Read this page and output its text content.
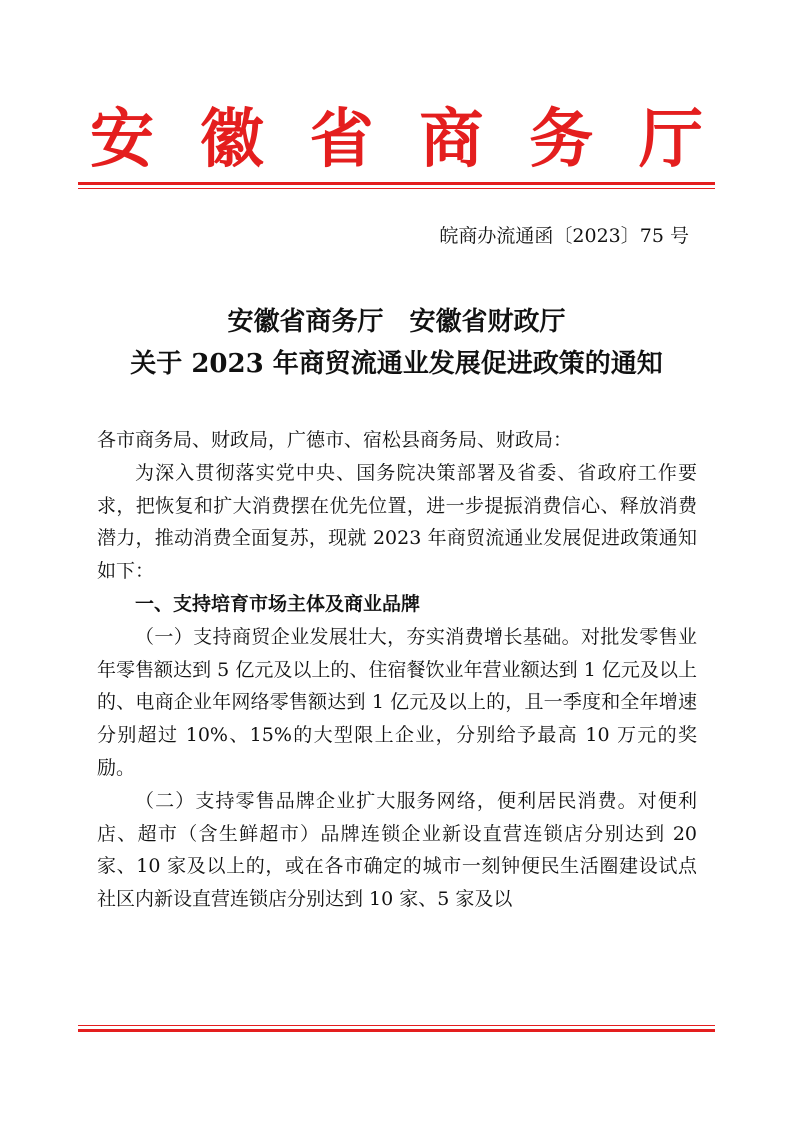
安 徽 省 商 务 厅
皖商办流通函〔2023〕75 号
安徽省商务厅　安徽省财政厅
关于 2023 年商贸流通业发展促进政策的通知

各市商务局、财政局，广德市、宿松县商务局、财政局：

为深入贯彻落实党中央、国务院决策部署及省委、省政府工作要求，把恢复和扩大消费摆在优先位置，进一步提振消费信心、释放消费潜力，推动消费全面复苏，现就 2023 年商贸流通业发展促进政策通知如下：

一、支持培育市场主体及商业品牌

（一）支持商贸企业发展壮大，夯实消费增长基础。对批发零售业年零售额达到 5 亿元及以上的、住宿餐饮业年营业额达到 1 亿元及以上的、电商企业年网络零售额达到 1 亿元及以上的，且一季度和全年增速分别超过 10%、15%的大型限上企业，分别给予最高 10 万元的奖励。

（二）支持零售品牌企业扩大服务网络，便利居民消费。对便利店、超市（含生鲜超市）品牌连锁企业新设直营连锁店分别达到 20 家、10 家及以上的，或在各市确定的城市一刻钟便民生活圈建设试点社区内新设直营连锁店分别达到 10 家、5 家及以
